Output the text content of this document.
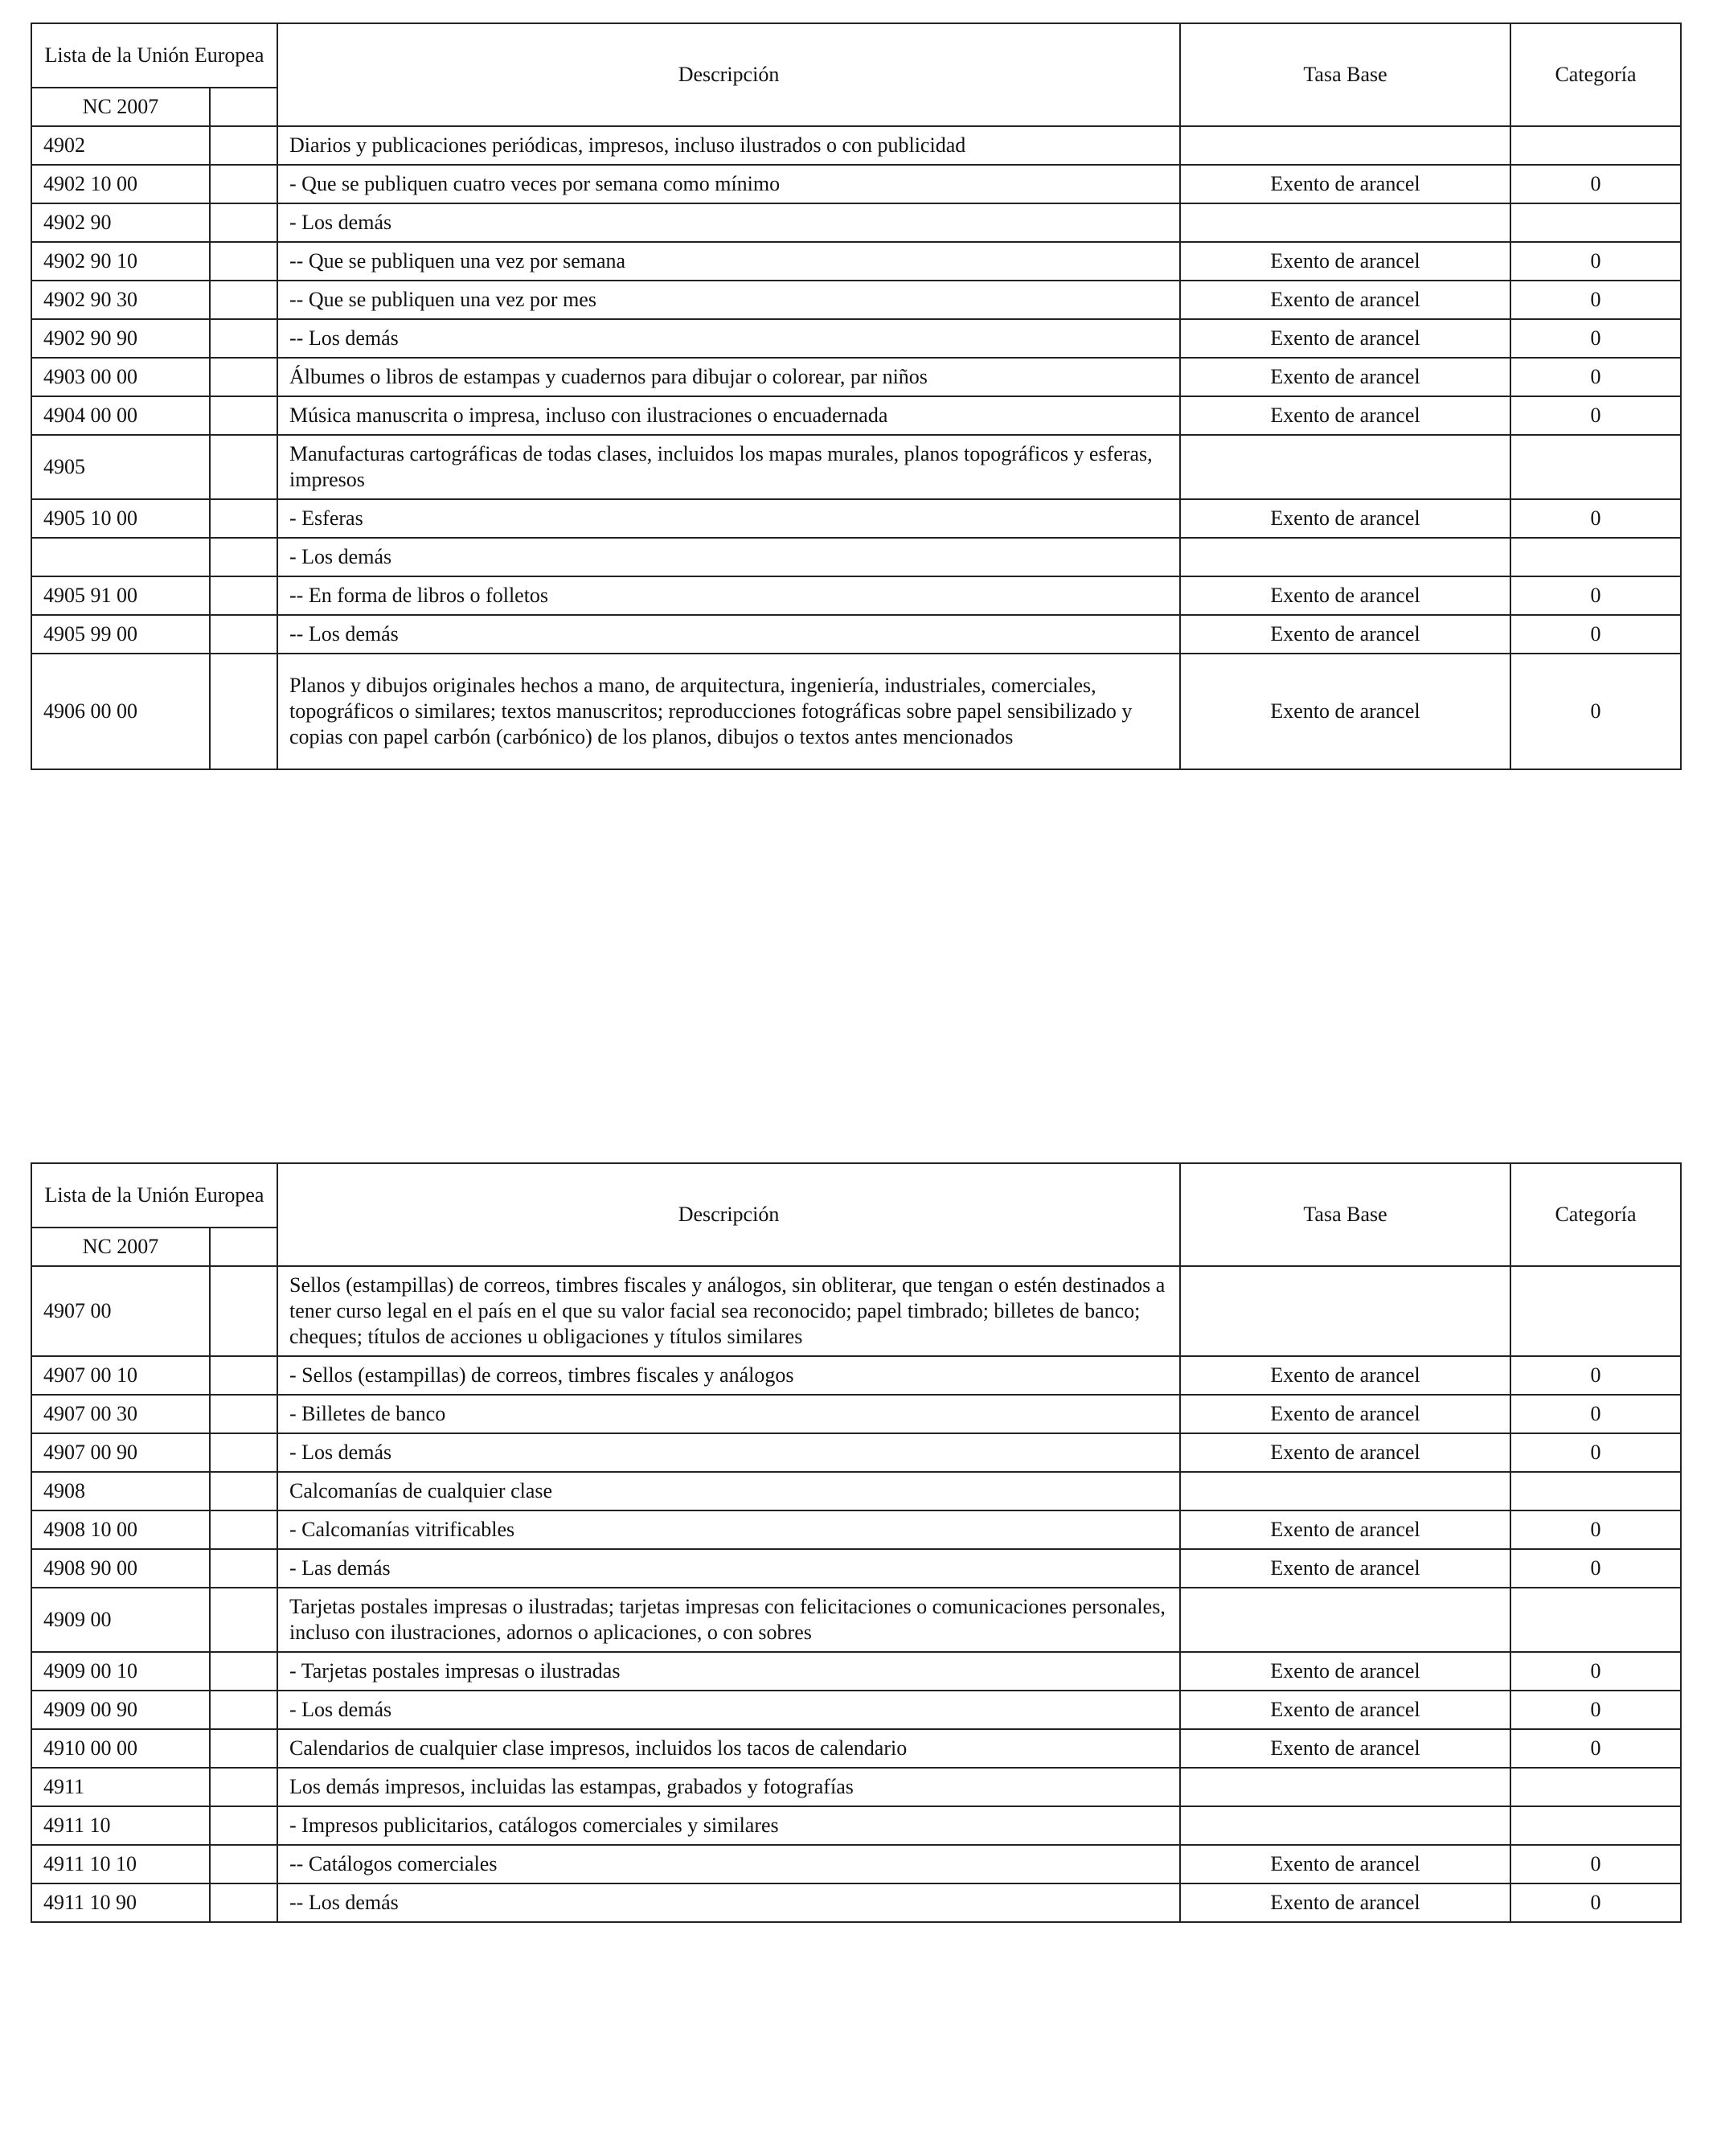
Lista de la Unión Europea		Descripción	Tasa Base	Categoría
NC 2007				
4902		Diarios y publicaciones periódicas, impresos, incluso ilustrados o con publicidad		
4902 10 00		- Que se publiquen cuatro veces por semana como mínimo	Exento de arancel	0
4902 90		- Los demás		
4902 90 10		-- Que se publiquen una vez por semana	Exento de arancel	0
4902 90 30		-- Que se publiquen una vez por mes	Exento de arancel	0
4902 90 90		-- Los demás	Exento de arancel	0
4903 00 00		Álbumes o libros de estampas y cuadernos para dibujar o colorear, par niños	Exento de arancel	0
4904 00 00		Música manuscrita o impresa, incluso con ilustraciones o encuadernada	Exento de arancel	0
4905		Manufacturas cartográficas de todas clases, incluidos los mapas murales, planos topográficos y esferas, impresos		
4905 10 00		- Esferas	Exento de arancel	0
		- Los demás		
4905 91 00		-- En forma de libros o folletos	Exento de arancel	0
4905 99 00		-- Los demás	Exento de arancel	0
4906 00 00		Planos y dibujos originales hechos a mano, de arquitectura, ingeniería, industriales, comerciales, topográficos o similares; textos manuscritos; reproducciones fotográficas sobre papel sensibilizado y copias con papel carbón (carbónico) de los planos, dibujos o textos antes mencionados	Exento de arancel	0
Lista de la Unión Europea		Descripción	Tasa Base	Categoría
NC 2007				
4907 00		Sellos (estampillas) de correos, timbres fiscales y análogos, sin obliterar, que tengan o estén destinados a tener curso legal en el país en el que su valor facial sea reconocido; papel timbrado; billetes de banco; cheques; títulos de acciones u obligaciones y títulos similares		
4907 00 10		- Sellos (estampillas) de correos, timbres fiscales y análogos	Exento de arancel	0
4907 00 30		- Billetes de banco	Exento de arancel	0
4907 00 90		- Los demás	Exento de arancel	0
4908		Calcomanías de cualquier clase		
4908 10 00		- Calcomanías vitrificables	Exento de arancel	0
4908 90 00		- Las demás	Exento de arancel	0
4909 00		Tarjetas postales impresas o ilustradas; tarjetas impresas con felicitaciones o comunicaciones personales, incluso con ilustraciones, adornos o aplicaciones, o con sobres		
4909 00 10		- Tarjetas postales impresas o ilustradas	Exento de arancel	0
4909 00 90		- Los demás	Exento de arancel	0
4910 00 00		Calendarios de cualquier clase impresos, incluidos los tacos de calendario	Exento de arancel	0
4911		Los demás impresos, incluidas las estampas, grabados y fotografías		
4911 10		- Impresos publicitarios, catálogos comerciales y similares		
4911 10 10		-- Catálogos comerciales	Exento de arancel	0
4911 10 90		-- Los demás	Exento de arancel	0
